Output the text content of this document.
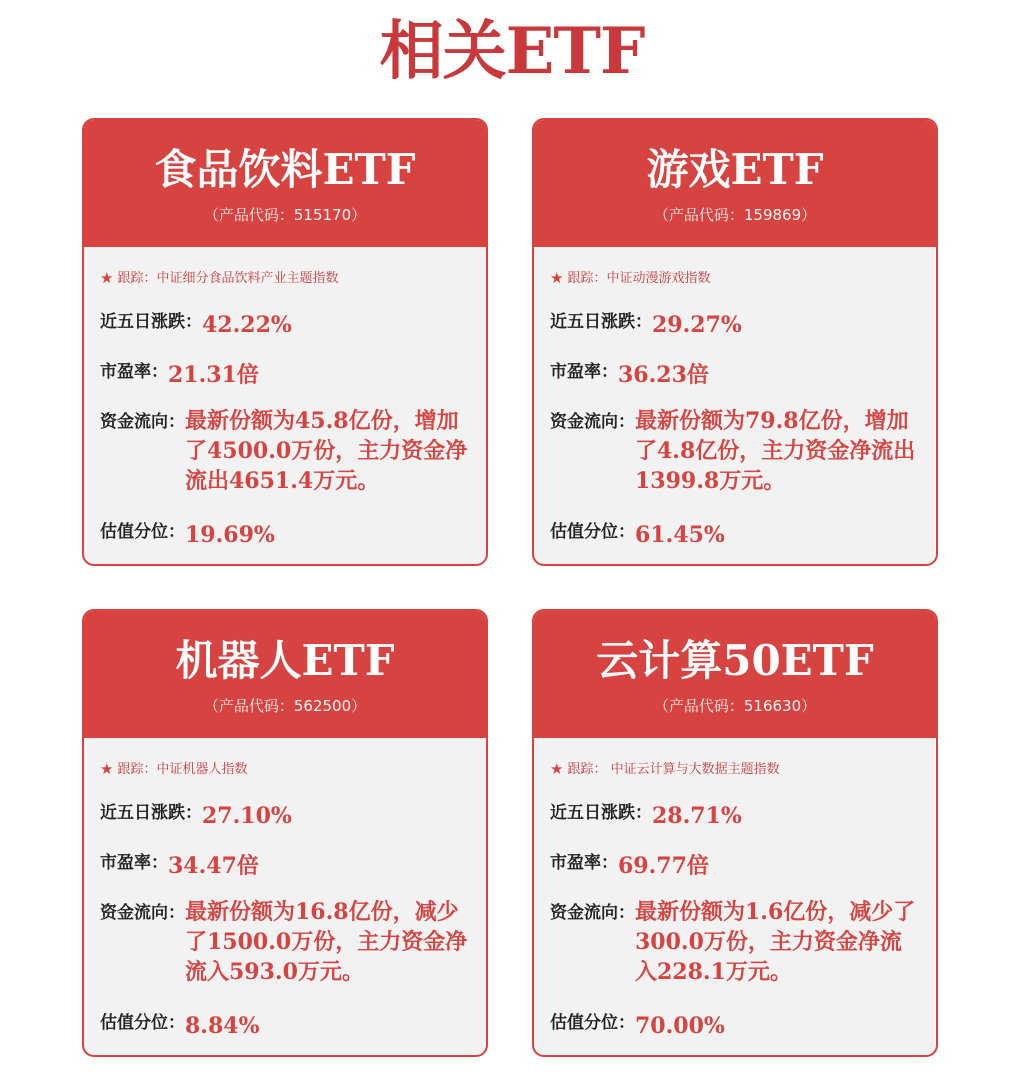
相关ETF
食品饮料ETF
（产品代码：515170）
★ 跟踪：中证细分食品饮料产业主题指数
近五日涨跌：42.22%
市盈率：21.31倍
资金流向： 最新份额为45.8亿份，增加了4500.0万份，主力资金净流出4651.4万元。
估值分位：19.69%
游戏ETF
（产品代码：159869）
★ 跟踪：中证动漫游戏指数
近五日涨跌：29.27%
市盈率：36.23倍
资金流向： 最新份额为79.8亿份，增加了4.8亿份，主力资金净流出1399.8万元。
估值分位：61.45%
机器人ETF
（产品代码：562500）
★ 跟踪：中证机器人指数
近五日涨跌：27.10%
市盈率：34.47倍
资金流向： 最新份额为16.8亿份，减少了1500.0万份，主力资金净流入593.0万元。
估值分位：8.84%
云计算50ETF
（产品代码：516630）
★ 跟踪： 中证云计算与大数据主题指数
近五日涨跌：28.71%
市盈率：69.77倍
资金流向： 最新份额为1.6亿份，减少了300.0万份，主力资金净流入228.1万元。
估值分位：70.00%
